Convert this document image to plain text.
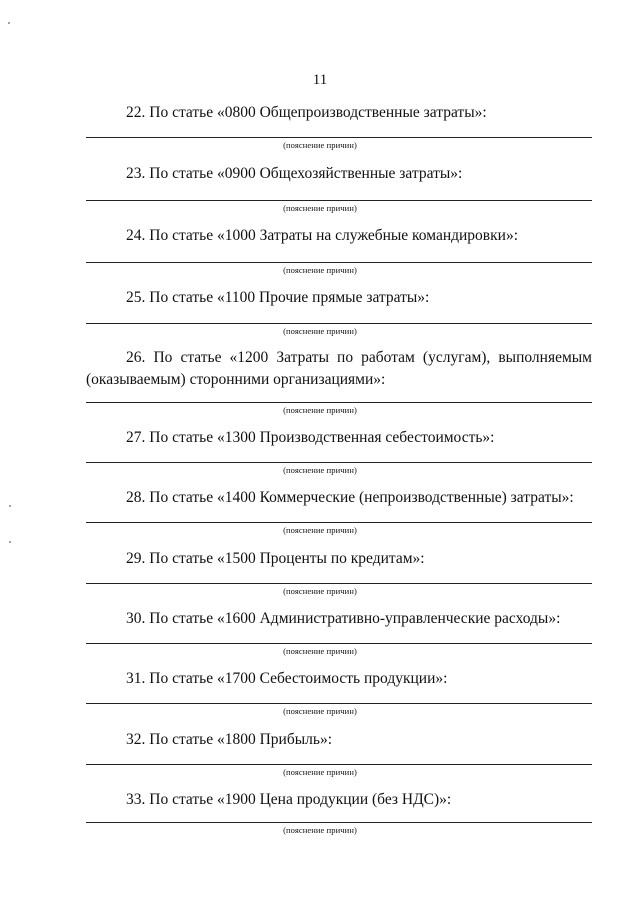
11
22. По статье «0800 Общепроизводственные затраты»:
(пояснение причин)
23. По статье «0900 Общехозяйственные затраты»:
(пояснение причин)
24. По статье «1000 Затраты на служебные командировки»:
(пояснение причин)
25. По статье «1100 Прочие прямые затраты»:
(пояснение причин)
26. По статье «1200 Затраты по работам (услугам), выполняемым (оказываемым) сторонними организациями»:
(пояснение причин)
27. По статье «1300 Производственная себестоимость»:
(пояснение причин)
28. По статье «1400 Коммерческие (непроизводственные) затраты»:
(пояснение причин)
29. По статье «1500 Проценты по кредитам»:
(пояснение причин)
30. По статье «1600 Административно-управленческие расходы»:
(пояснение причин)
31. По статье «1700 Себестоимость продукции»:
(пояснение причин)
32. По статье «1800 Прибыль»:
(пояснение причин)
33. По статье «1900 Цена продукции (без НДС)»:
(пояснение причин)
